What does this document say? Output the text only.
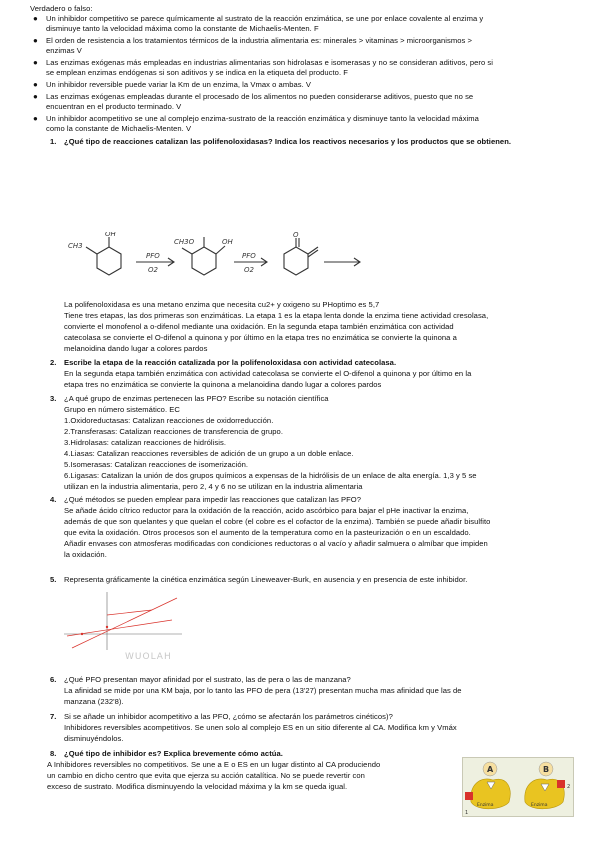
Verdadero o falso:
● Un inhibidor competitivo se parece químicamente al sustrato de la reacción enzimática, se une por enlace covalente al enzima y
disminuye tanto la velocidad máxima como la constante de Michaelis-Menten. F
● El orden de resistencia a los tratamientos térmicos de la industria alimentaria es: minerales > vitaminas > microorganismos >
enzimas V
● Las enzimas exógenas más empleadas en industrias alimentarias son hidrolasas e isomerasas y no se consideran aditivos, pero si
se emplean enzimas endógenas si son aditivos y se indica en la etiqueta del producto. F
● Un inhibidor reversible puede variar la Km de un enzima, la Vmax o ambas. V
● Las enzimas exógenas empleadas durante el procesado de los alimentos no pueden considerarse aditivos, puesto que no se
encuentran en el producto terminado. V
● Un inhibidor acompetitivo se une al complejo enzima-sustrato de la reacción enzimática y disminuye tanto la velocidad máxima
como la constante de Michaelis-Menten. V
1. ¿Qué tipo de reacciones catalizan las polifenoloxidasas? Indica los reactivos necesarios y los productos que se obtienen.
OH
CH3
PFO
O2
CH3O	OH
PFO
O2
O
La polifenoloxidasa es una metano enzima que necesita cu2+ y oxigeno su PHoptimo es 5,7
Tiene tres etapas, las dos primeras son enzimáticas. La etapa 1 es la etapa lenta donde la enzima tiene actividad cresolasa,
convierte el monofenol a o-difenol mediante una oxidación. En la segunda etapa también enzimática con actividad
catecolasa se convierte el O-difenol a quinona y por último en la etapa tres no enzimática se convierte la quinona a
melanoidina dando lugar a colores pardos
2. Escribe la etapa de la reacción catalizada por la polifenoloxidasa con actividad catecolasa.
En la segunda etapa también enzimática con actividad catecolasa se convierte el O-difenol a quinona y por último en la
etapa tres no enzimática se convierte la quinona a melanoidina dando lugar a colores pardos
3. ¿A qué grupo de enzimas pertenecen las PFO? Escribe su notación científica
Grupo en número sistemático. EC
1.Oxidoreductasas: Catalizan reacciones de oxidorreducción.
2.Transferasas: Catalizan reacciones de transferencia de grupo.
3.Hidrolasas: catalizan reacciones de hidrólisis.
4.Liasas: Catalizan reacciones reversibles de adición de un grupo a un doble enlace.
5.Isomerasas: Catalizan reacciones de isomerización.
6.Ligasas: Catalizan la unión de dos grupos químicos a expensas de la hidrólisis de un enlace de alta energía. 1,3 y 5 se
utilizan en la industria alimentaria, pero 2, 4 y 6 no se utilizan en la industria alimentaria
4. ¿Qué métodos se pueden emplear para impedir las reacciones que catalizan las PFO?
Se añade ácido cítrico reductor para la oxidación de la reacción, acido ascórbico para bajar el pHe inactivar la enzima,
además de que son quelantes y que quelan el cobre (el cobre es el cofactor de la enzima). También se puede añadir bisulfito
que evita la oxidación. Otros procesos son el aumento de la temperatura como en la pasteurización o en un escaldado.
Añadir envases con atmosferas modificadas con condiciones reductoras o al vacío y añadir salmuera o almíbar que impiden
la oxidación.
5. Representa gráficamente la cinética enzimática según Lineweaver-Burk, en ausencia y en presencia de este inhibidor.
WUOLAH
6. ¿Qué PFO presentan mayor afinidad por el sustrato, las de pera o las de manzana?
La afinidad se mide por una KM baja, por lo tanto las PFO de pera (13'27) presentan mucha mas afinidad que las de
manzana (232'8).
7. Si se añade un inhibidor acompetitivo a las PFO, ¿cómo se afectarán los parámetros cinéticos)?
Inhibidores reversibles acompetitivos. Se unen solo al complejo ES en un sitio diferente al CA. Modifica km y Vmáx
disminuyéndolos.
8. ¿Qué tipo de inhibidor es? Explica brevemente cómo actúa.
A Inhibidores reversibles no competitivos. Se une a E o ES en un lugar distinto al CA produciendo
un cambio en dicho centro que evita que ejerza su acción catalítica. No se puede revertir con
exceso de sustrato. Modifica disminuyendo la velocidad máxima y la km se queda igual.
A
Enzima
1
B
Enzima
2
